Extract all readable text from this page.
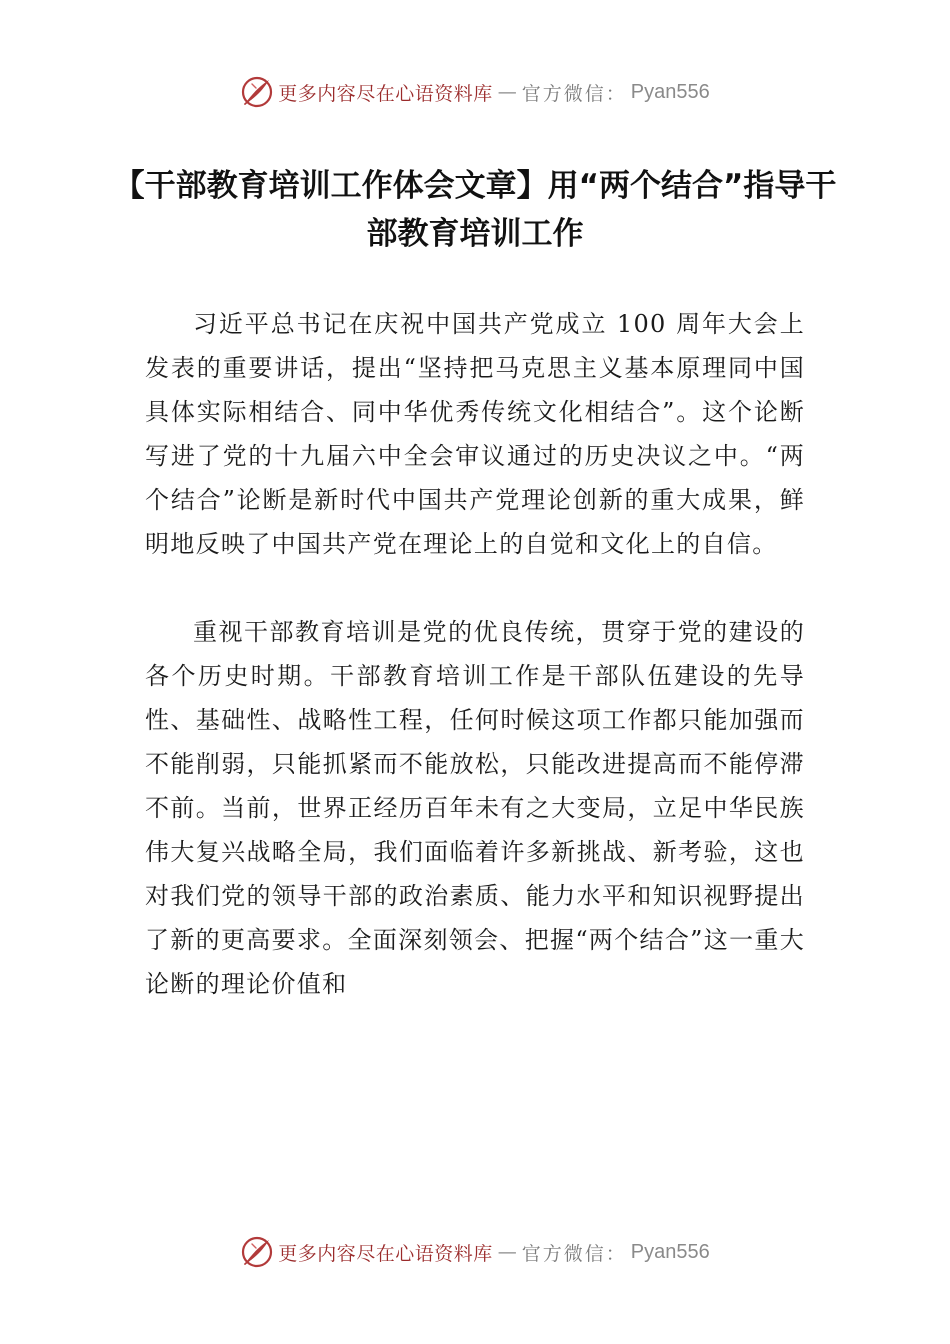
更多内容尽在心语资料库 — 官方微信： Pyan556
【干部教育培训工作体会文章】用“两个结合”指导干部教育培训工作

习近平总书记在庆祝中国共产党成立 100 周年大会上发表的重要讲话，提出“坚持把马克思主义基本原理同中国具体实际相结合、同中华优秀传统文化相结合”。这个论断写进了党的十九届六中全会审议通过的历史决议之中。“两个结合”论断是新时代中国共产党理论创新的重大成果，鲜明地反映了中国共产党在理论上的自觉和文化上的自信。

重视干部教育培训是党的优良传统，贯穿于党的建设的各个历史时期。干部教育培训工作是干部队伍建设的先导性、基础性、战略性工程，任何时候这项工作都只能加强而不能削弱，只能抓紧而不能放松，只能改进提高而不能停滞不前。当前，世界正经历百年未有之大变局，立足中华民族伟大复兴战略全局，我们面临着许多新挑战、新考验，这也对我们党的领导干部的政治素质、能力水平和知识视野提出了新的更高要求。全面深刻领会、把握“两个结合”这一重大论断的理论价值和

更多内容尽在心语资料库 — 官方微信： Pyan556
